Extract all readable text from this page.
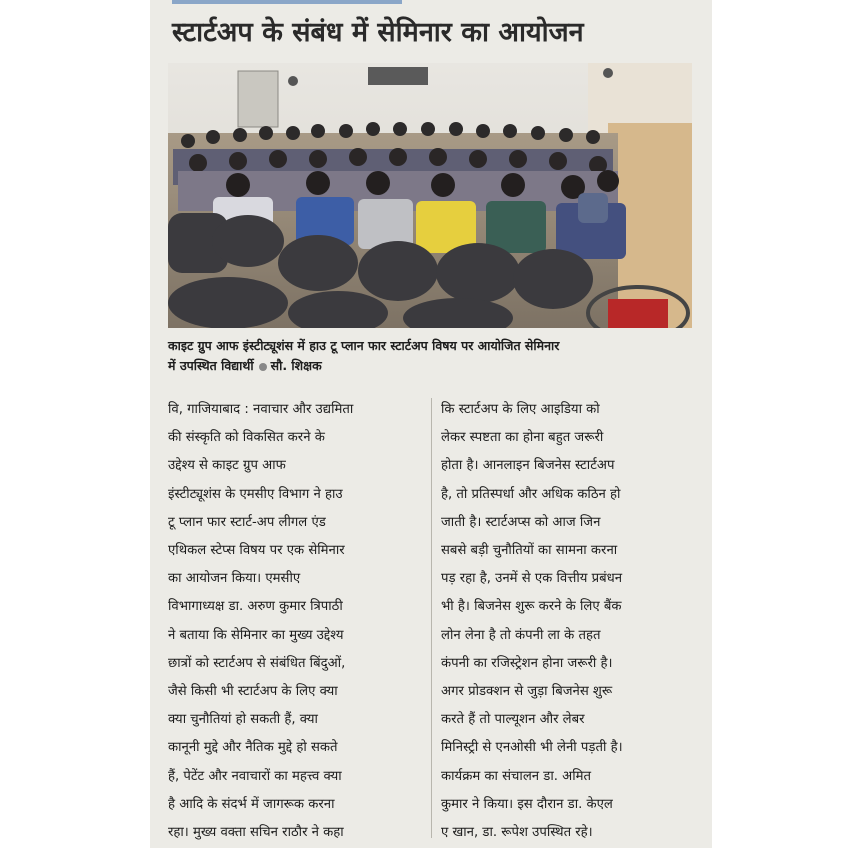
स्टार्टअप के संबंध में सेमिनार का आयोजन
काइट ग्रुप आफ इंस्टीट्यूशंस में हाउ टू प्लान फार स्टार्टअप विषय पर आयोजित सेमिनार
में उपस्थित विद्यार्थी सौ. शिक्षक
वि, गाजियाबाद : नवाचार और उद्यमिता
की संस्कृति को विकसित करने के
उद्देश्य से काइट ग्रुप आफ
इंस्टीट्यूशंस के एमसीए विभाग ने हाउ
टू प्लान फार स्टार्ट-अप लीगल एंड
एथिकल स्टेप्स विषय पर एक सेमिनार
का आयोजन किया। एमसीए
विभागाध्यक्ष डा. अरुण कुमार त्रिपाठी
ने बताया कि सेमिनार का मुख्य उद्देश्य
छात्रों को स्टार्टअप से संबंधित बिंदुओं,
जैसे किसी भी स्टार्टअप के लिए क्या
क्या चुनौतियां हो सकती हैं, क्या
कानूनी मुद्दे और नैतिक मुद्दे हो सकते
हैं, पेटेंट और नवाचारों का महत्त्व क्या
है आदि के संदर्भ में जागरूक करना
रहा। मुख्य वक्ता सचिन राठौर ने कहा
कि स्टार्टअप के लिए आइडिया को
लेकर स्पष्टता का होना बहुत जरूरी
होता है। आनलाइन बिजनेस स्टार्टअप
है, तो प्रतिस्पर्धा और अधिक कठिन हो
जाती है। स्टार्टअप्स को आज जिन
सबसे बड़ी चुनौतियों का सामना करना
पड़ रहा है, उनमें से एक वित्तीय प्रबंधन
भी है। बिजनेस शुरू करने के लिए बैंक
लोन लेना है तो कंपनी ला के तहत
कंपनी का रजिस्ट्रेशन होना जरूरी है।
अगर प्रोडक्शन से जुड़ा बिजनेस शुरू
करते हैं तो पाल्यूशन और लेबर
मिनिस्ट्री से एनओसी भी लेनी पड़ती है।
कार्यक्रम का संचालन डा. अमित
कुमार ने किया। इस दौरान डा. केएल
ए खान, डा. रूपेश उपस्थित रहे।
